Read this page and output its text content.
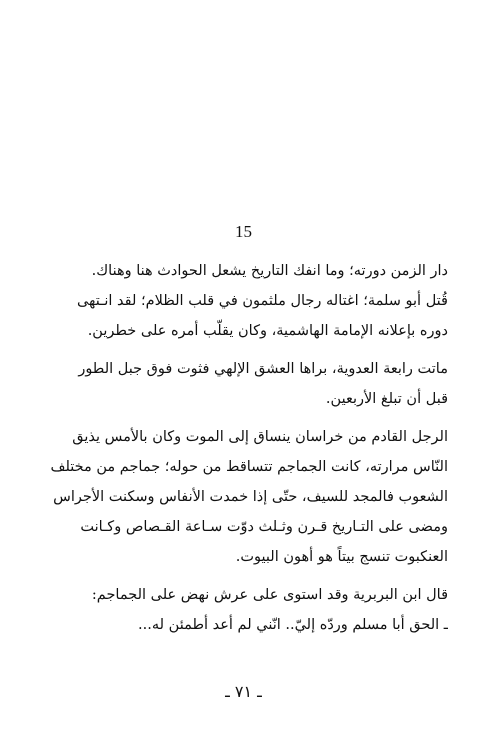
15
دار الزمن دورته؛ وما انفك التاريخ يشعل الحوادث هنا وهناك.
قُتل أبو سلمة؛ اغتاله رجال ملثمون في قلب الظلام؛ لقد انـتهى
دوره بإعلانه الإمامة الهاشمية، وكان يقلّب أمره على خطرين.
ماتت رابعة العدوية، براها العشق الإلهي فثوت فوق جبل الطور
قبل أن تبلغ الأربعين.
الرجل القادم من خراسان ينساق إلى الموت وكان بالأمس يذيق
النّاس مرارته، كانت الجماجم تتساقط من حوله؛ جماجم من مختلف
الشعوب فالمجد للسيف، حتّى إذا خمدت الأنفاس وسكنت الأجراس
ومضى على التـاريخ قـرن وثـلث دوّت سـاعة القـصاص وكـانت
العنكبوت تنسج بيتاً هو أهون البيوت.
قال ابن البربرية وقد استوى على عرش نهض على الجماجم:
ـ الحق أبا مسلم وردّه إليّ.. انّني لم أعد أطمئن له...
ـ ٧١ ـ
